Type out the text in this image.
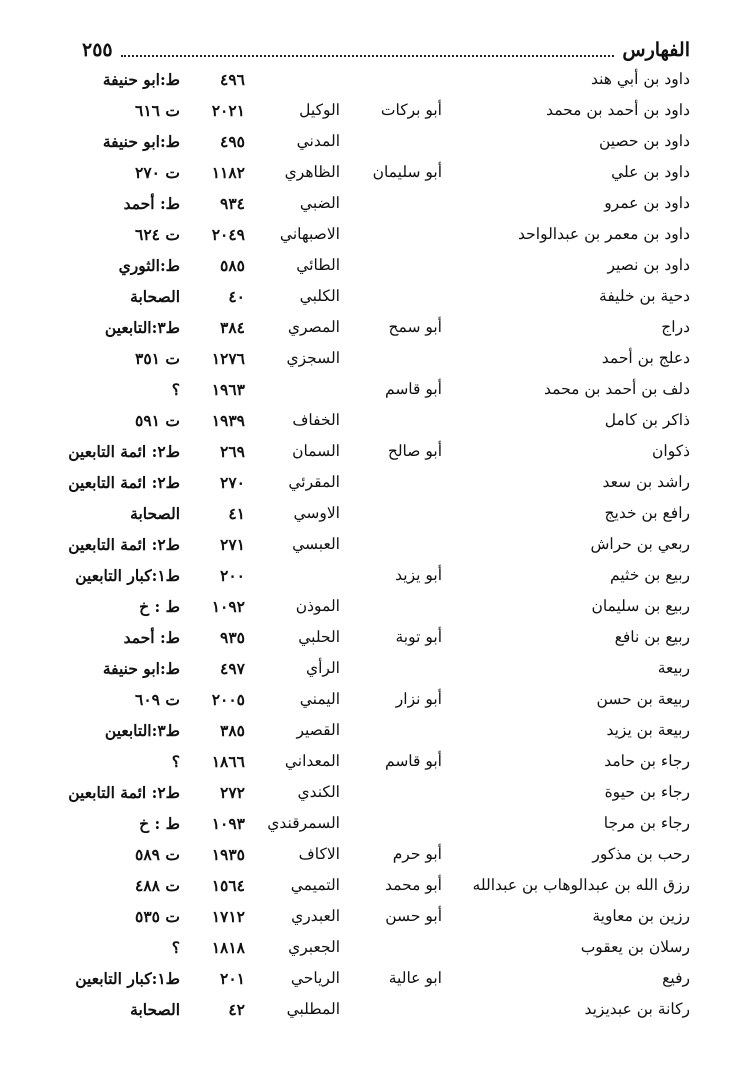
الفهارس
٢٥٥
داود بن أبي هند
٤٩٦
ط:ابو حنيفة
داود بن أحمد بن محمد
أبو بركات
الوكيل
٢٠٢١
ت ٦١٦
داود بن حصين
المدني
٤٩٥
ط:ابو حنيفة
داود بن علي
أبو سليمان
الظاهري
١١٨٢
ت ٢٧٠
داود بن عمرو
الضبي
٩٣٤
ط: أحمد
داود بن معمر بن عبدالواحد
الاصبهاني
٢٠٤٩
ت ٦٢٤
داود بن نصير
الطائي
٥٨٥
ط:الثوري
دحية بن خليفة
الكلبي
٤٠
الصحابة
دراج
أبو سمح
المصري
٣٨٤
ط٣:التابعين
دعلج بن أحمد
السجزي
١٢٧٦
ت ٣٥١
دلف بن أحمد بن محمد
أبو قاسم
١٩٦٣
؟
ذاكر بن كامل
الخفاف
١٩٣٩
ت ٥٩١
ذكوان
أبو صالح
السمان
٢٦٩
ط٢: ائمة التابعين
راشد بن سعد
المقرئي
٢٧٠
ط٢: ائمة التابعين
رافع بن خديج
الاوسي
٤١
الصحابة
ربعي بن حراش
العبسي
٢٧١
ط٢: ائمة التابعين
ربيع بن خثيم
أبو يزيد
٢٠٠
ط١:كبار التابعين
ربيع بن سليمان
الموذن
١٠٩٢
ط : خ
ربيع بن نافع
أبو توبة
الحلبي
٩٣٥
ط: أحمد
ربيعة
الرأي
٤٩٧
ط:ابو حنيفة
ربيعة بن حسن
أبو نزار
اليمني
٢٠٠٥
ت ٦٠٩
ربيعة بن يزيد
القصير
٣٨٥
ط٣:التابعين
رجاء بن حامد
أبو قاسم
المعداني
١٨٦٦
؟
رجاء بن حيوة
الكندي
٢٧٢
ط٢: ائمة التابعين
رجاء بن مرجا
السمرقندي
١٠٩٣
ط : خ
رحب بن مذكور
أبو حرم
الاكاف
١٩٣٥
ت ٥٨٩
رزق الله بن عبدالوهاب بن عبدالله
أبو محمد
التميمي
١٥٦٤
ت ٤٨٨
رزين بن معاوية
أبو حسن
العبدري
١٧١٢
ت ٥٣٥
رسلان بن يعقوب
الجعبري
١٨١٨
؟
رفيع
ابو عالية
الرياحي
٢٠١
ط١:كبار التابعين
ركانة بن عبديزيد
المطلبي
٤٢
الصحابة
